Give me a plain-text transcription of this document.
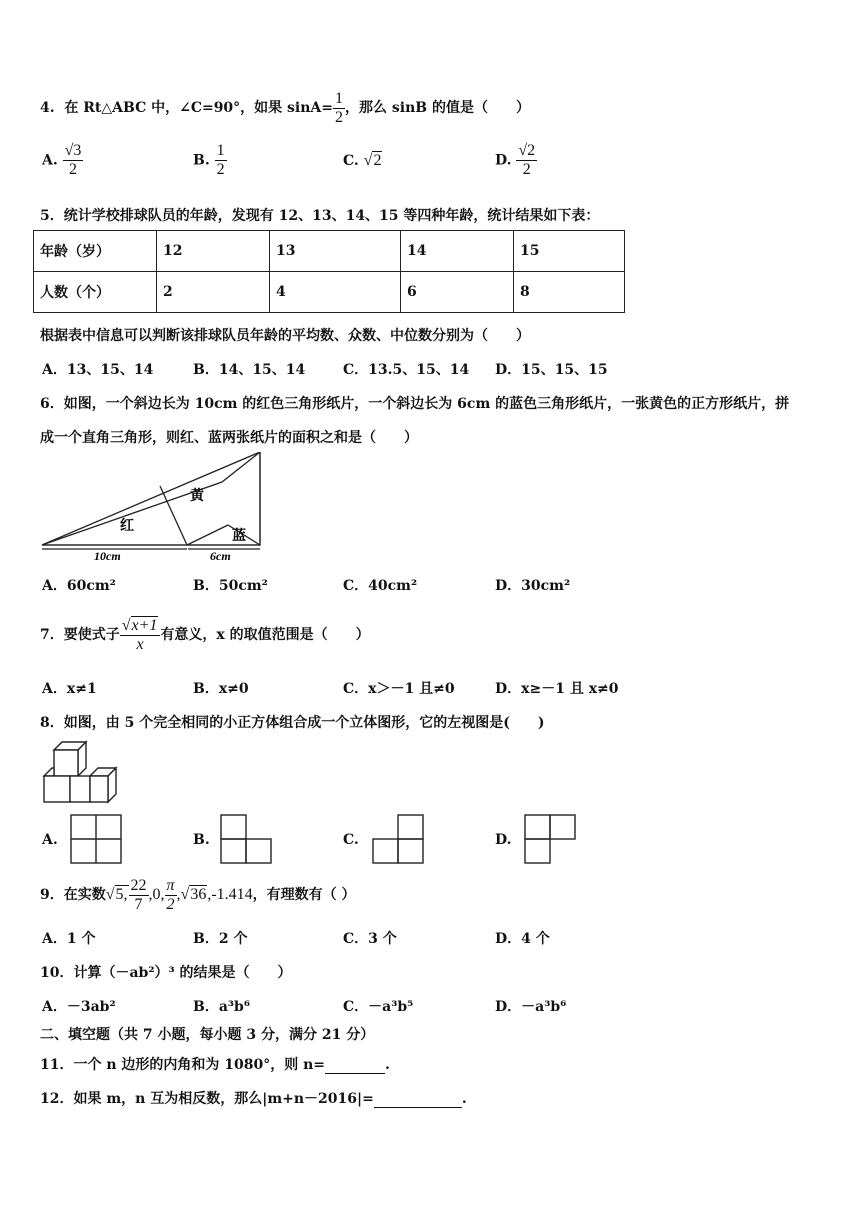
4. 在 Rt△ABC 中，∠C=90°，如果 $\sin A= \frac{1}{2}$ ，那么 sinB 的值是（　　）
A. $\frac{√3}{2}$	B. $\frac{1}{2}$	C. √2	D. $\frac{√2}{2}$
5．统计学校排球队员的年龄，发现有 12、13、14、15 等四种年龄，统计结果如下表：
年龄（岁）	12	13	14	15
人数（个）	2	4	6	8
根据表中信息可以判断该排球队员年龄的平均数、众数、中位数分别为（　　）
A．13、15、14	B．14、15、14	C．13.5、15、14 D．15、15、15
6．如图，一个斜边长为 10cm 的红色三角形纸片，一个斜边长为 6cm 的蓝色三角形纸片，一张黄色的正方形纸片，拼
成一个直角三角形，则红、蓝两张纸片的面积之和是（　　）
红
黄
蓝
10cm	6cm
A．60cm²	B．50cm²	C．40cm²	D．30cm²
7．要使式子 $\frac{√x+1}{x}$ 有意义，x 的取值范围是（　　）
A．x≠1	B．x≠0	C．x＞－1 且≠0	D．x≥－1 且 x≠0
8．如图，由 5 个完全相同的小正方体组合成一个立体图形，它的左视图是(　　)
A.	B.	C.	D.
9．在实数√5, $\frac{22}{7} ,0$, $\frac{\pi}{2} ,√36,-1.414$，有理数有（ ）
A．1 个	B．2 个	C．3 个	D．4 个
10．计算（－ab²）³ 的结果是（　　）
A．－3ab²	B．a³b⁶	C．－a³b⁵	D．－a³b⁶
二、填空题（共 7 小题，每小题 3 分，满分 21 分）
11．一个 n 边形的内角和为 1080°，则 n=	.
12．如果 m，n 互为相反数，那么|m+n－2016|=	.
